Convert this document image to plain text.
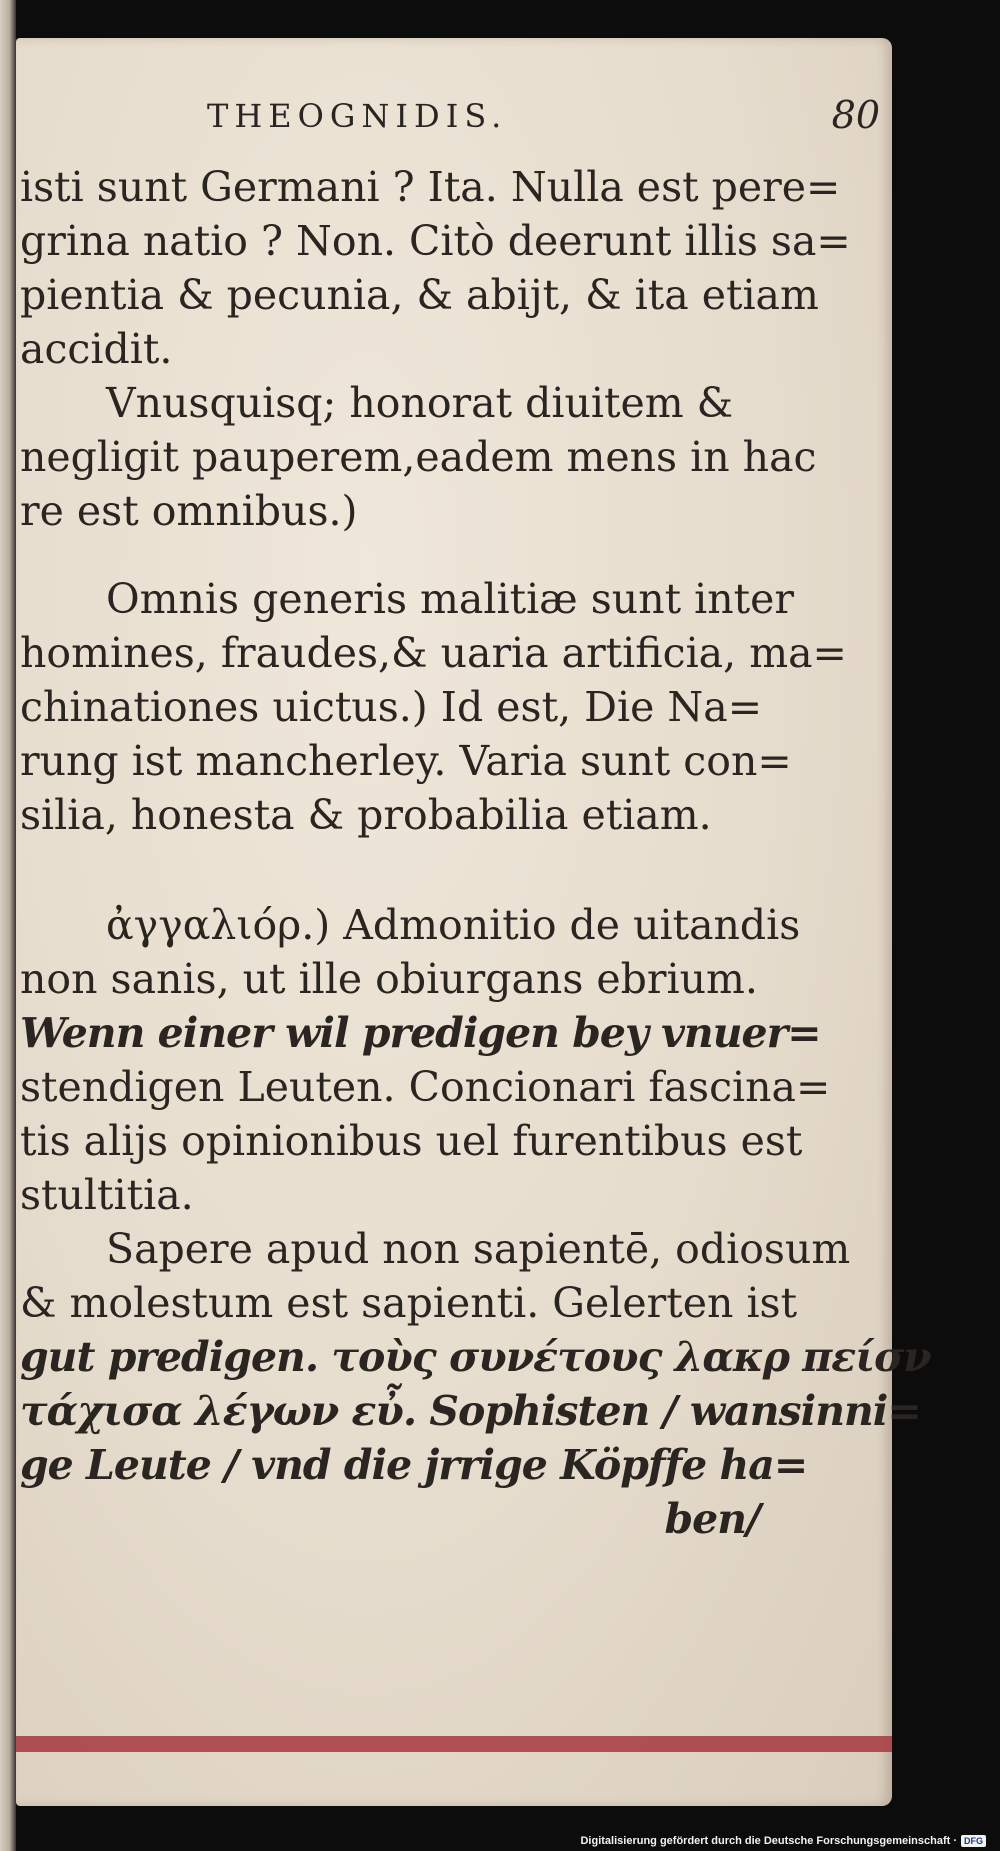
THEOGNIDIS.	80
isti sunt Germani ? Ita. Nulla est pere=
grina natio ? Non. Citò deerunt illis sa=
pientia & pecunia, & abijt, & ita etiam
accidit.
Vnusquisq; honorat diuitem &
negligit pauperem,eadem mens in hac
re est omnibus.)
Omnis generis malitiæ sunt inter
homines, fraudes,& uaria artificia, ma=
chinationes uictus.) Id est, Die Na=
rung ist mancherley. Varia sunt con=
silia, honesta & probabilia etiam.
ἀγγαλιόρ.) Admonitio de uitandis
non sanis, ut ille obiurgans ebrium.
Wenn einer wil predigen bey vnuer=
stendigen Leuten. Concionari fascina=
tis alijs opinionibus uel furentibus est
stultitia.
Sapere apud non sapientē, odiosum
& molestum est sapienti. Gelerten ist
gut predigen. τοὺς συνέτους λακρ πείσν
τάχισα λέγων εὖ. Sophisten / wansinni=
ge Leute / vnd die jrrige Köpffe ha=
ben/
Digitalisierung gefördert durch die Deutsche Forschungsgemeinschaft · DFG
